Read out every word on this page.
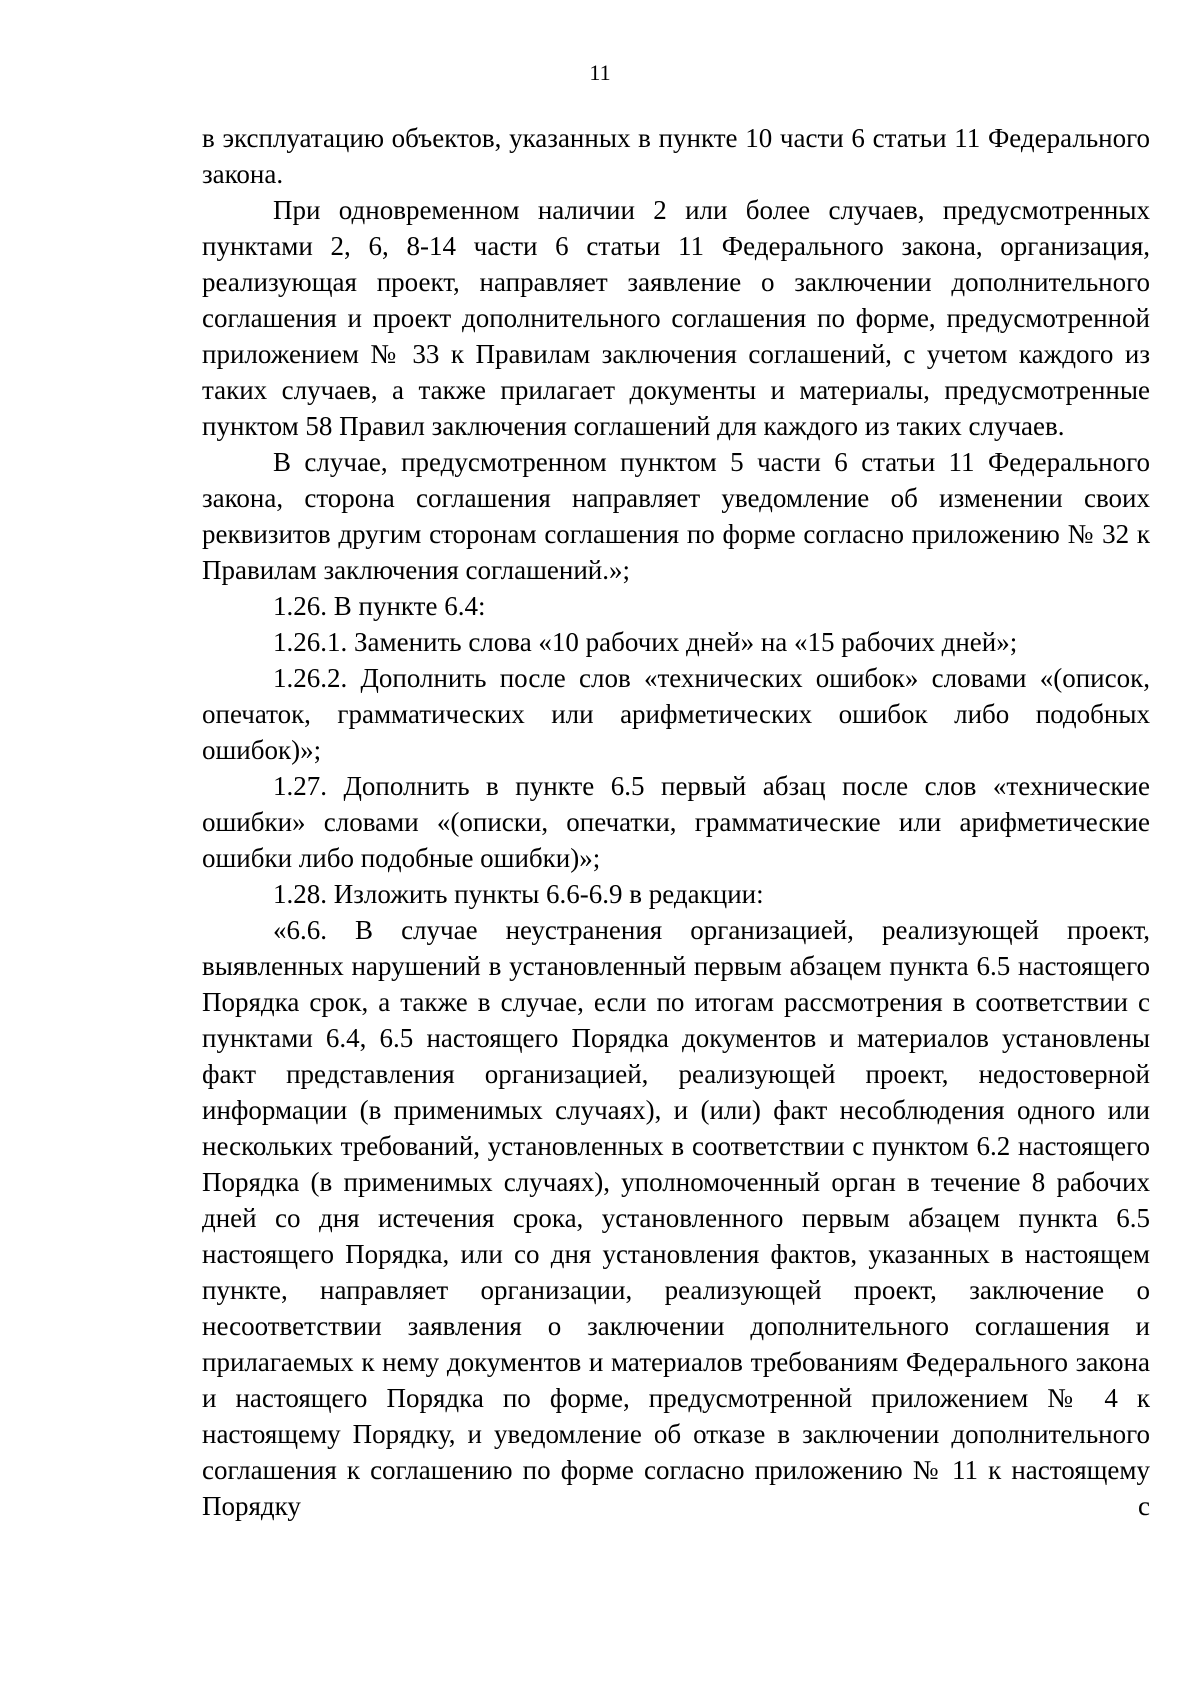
11

в эксплуатацию объектов, указанных в пункте 10 части 6 статьи 11 Федерального закона.

При одновременном наличии 2 или более случаев, предусмотренных пунктами 2, 6, 8-14 части 6 статьи 11 Федерального закона, организация, реализующая проект, направляет заявление о заключении дополнительного соглашения и проект дополнительного соглашения по форме, предусмотренной приложением № 33 к Правилам заключения соглашений, с учетом каждого из таких случаев, а также прилагает документы и материалы, предусмотренные пунктом 58 Правил заключения соглашений для каждого из таких случаев.

В случае, предусмотренном пунктом 5 части 6 статьи 11 Федерального закона, сторона соглашения направляет уведомление об изменении своих реквизитов другим сторонам соглашения по форме согласно приложению № 32 к Правилам заключения соглашений.»;

1.26. В пункте 6.4:

1.26.1. Заменить слова «10 рабочих дней» на «15 рабочих дней»;

1.26.2. Дополнить после слов «технических ошибок» словами «(описок, опечаток, грамматических или арифметических ошибок либо подобных ошибок)»;

1.27. Дополнить в пункте 6.5 первый абзац после слов «технические ошибки» словами «(описки, опечатки, грамматические или арифметические ошибки либо подобные ошибки)»;

1.28. Изложить пункты 6.6-6.9 в редакции:

«6.6. В случае неустранения организацией, реализующей проект, выявленных нарушений в установленный первым абзацем пункта 6.5 настоящего Порядка срок, а также в случае, если по итогам рассмотрения в соответствии с пунктами 6.4, 6.5 настоящего Порядка документов и материалов установлены факт представления организацией, реализующей проект, недостоверной информации (в применимых случаях), и (или) факт несоблюдения одного или нескольких требований, установленных в соответствии с пунктом 6.2 настоящего Порядка (в применимых случаях), уполномоченный орган в течение 8 рабочих дней со дня истечения срока, установленного первым абзацем пункта 6.5 настоящего Порядка, или со дня установления фактов, указанных в настоящем пункте, направляет организации, реализующей проект, заключение о несоответствии заявления о заключении дополнительного соглашения и прилагаемых к нему документов и материалов требованиям Федерального закона и настоящего Порядка по форме, предусмотренной приложением № 4 к настоящему Порядку, и уведомление об отказе в заключении дополнительного соглашения к соглашению по форме согласно приложению № 11 к настоящему Порядку с
